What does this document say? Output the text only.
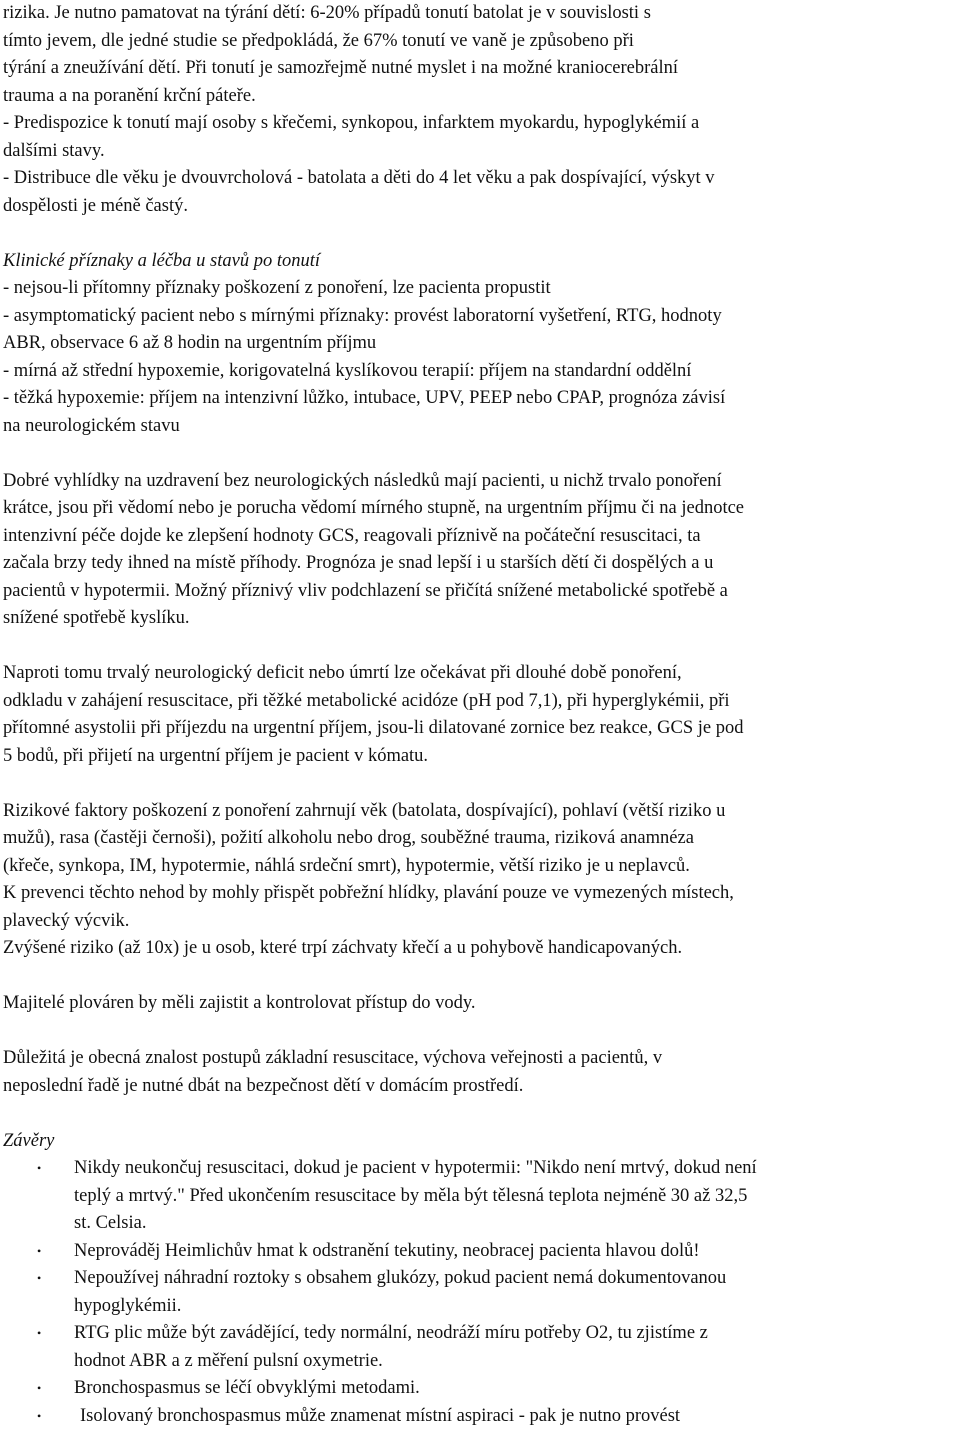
rizika. Je nutno pamatovat na týrání dětí: 6-20% případů tonutí batolat je v souvislosti s
tímto jevem, dle jedné studie se předpokládá, že 67% tonutí ve vaně je způsobeno při
týrání a zneužívání dětí. Při tonutí je samozřejmě nutné myslet i na možné kraniocerebrální
trauma a na poranění krční páteře.
- Predispozice k tonutí mají osoby s křečemi, synkopou, infarktem myokardu, hypoglykémií a
dalšími stavy.
- Distribuce dle věku je dvouvrcholová - batolata a děti do 4 let věku a pak dospívající, výskyt v
dospělosti je méně častý.

Klinické příznaky a léčba u stavů po tonutí
- nejsou-li přítomny příznaky poškození z ponoření, lze pacienta propustit
- asymptomatický pacient nebo s mírnými příznaky: provést laboratorní vyšetření, RTG, hodnoty
ABR, observace 6 až 8 hodin na urgentním příjmu
- mírná až střední hypoxemie, korigovatelná kyslíkovou terapií: příjem na standardní oddělní
- těžká hypoxemie: příjem na intenzivní lůžko, intubace, UPV, PEEP nebo CPAP, prognóza závisí
na neurologickém stavu

Dobré vyhlídky na uzdravení bez neurologických následků mají pacienti, u nichž trvalo ponoření
krátce, jsou při vědomí nebo je porucha vědomí mírného stupně, na urgentním příjmu či na jednotce
intenzivní péče dojde ke zlepšení hodnoty GCS, reagovali příznivě na počáteční resuscitaci, ta
začala brzy tedy ihned na místě příhody. Prognóza je snad lepší i u starších dětí či dospělých a u
pacientů v hypotermii. Možný příznivý vliv podchlazení se přičítá snížené metabolické spotřebě a
snížené spotřebě kyslíku.

Naproti tomu trvalý neurologický deficit nebo úmrtí lze očekávat při dlouhé době ponoření,
odkladu v zahájení resuscitace, při těžké metabolické acidóze (pH pod 7,1), při hyperglykémii, při
přítomné asystolii při příjezdu na urgentní příjem, jsou-li dilatované zornice bez reakce, GCS je pod
5 bodů, při přijetí na urgentní příjem je pacient v kómatu.

Rizikové faktory poškození z ponoření zahrnují věk (batolata, dospívající), pohlaví (větší riziko u
mužů), rasa (častěji černoši), požití alkoholu nebo drog, souběžné trauma, riziková anamnéza
(křeče, synkopa, IM, hypotermie, náhlá srdeční smrt), hypotermie, větší riziko je u neplavců.
K prevenci těchto nehod by mohly přispět pobřežní hlídky, plavání pouze ve vymezených místech,
plavecký výcvik.
Zvýšené riziko (až 10x) je u osob, které trpí záchvaty křečí a u pohybově handicapovaných.

Majitelé plováren by měli zajistit a kontrolovat přístup do vody.

Důležitá je obecná znalost postupů základní resuscitace, výchova veřejnosti a pacientů, v
neposlední řadě je nutné dbát na bezpečnost dětí v domácím prostředí.

Závěry

• Nikdy neukončuj resuscitaci, dokud je pacient v hypotermii: "Nikdo není mrtvý, dokud není
teplý a mrtvý." Před ukončením resuscitace by měla být tělesná teplota nejméně 30 až 32,5
st. Celsia.
• Neprováděj Heimlichův hmat k odstranění tekutiny, neobracej pacienta hlavou dolů!
• Nepoužívej náhradní roztoky s obsahem glukózy, pokud pacient nemá dokumentovanou
hypoglykémii.
• RTG plic může být zavádějící, tedy normální, neodráží míru potřeby O2, tu zjistíme z
hodnot ABR a z měření pulsní oxymetrie.
• Bronchospasmus se léčí obvyklými metodami.
• Isolovaný bronchospasmus může znamenat místní aspiraci - pak je nutno provést
